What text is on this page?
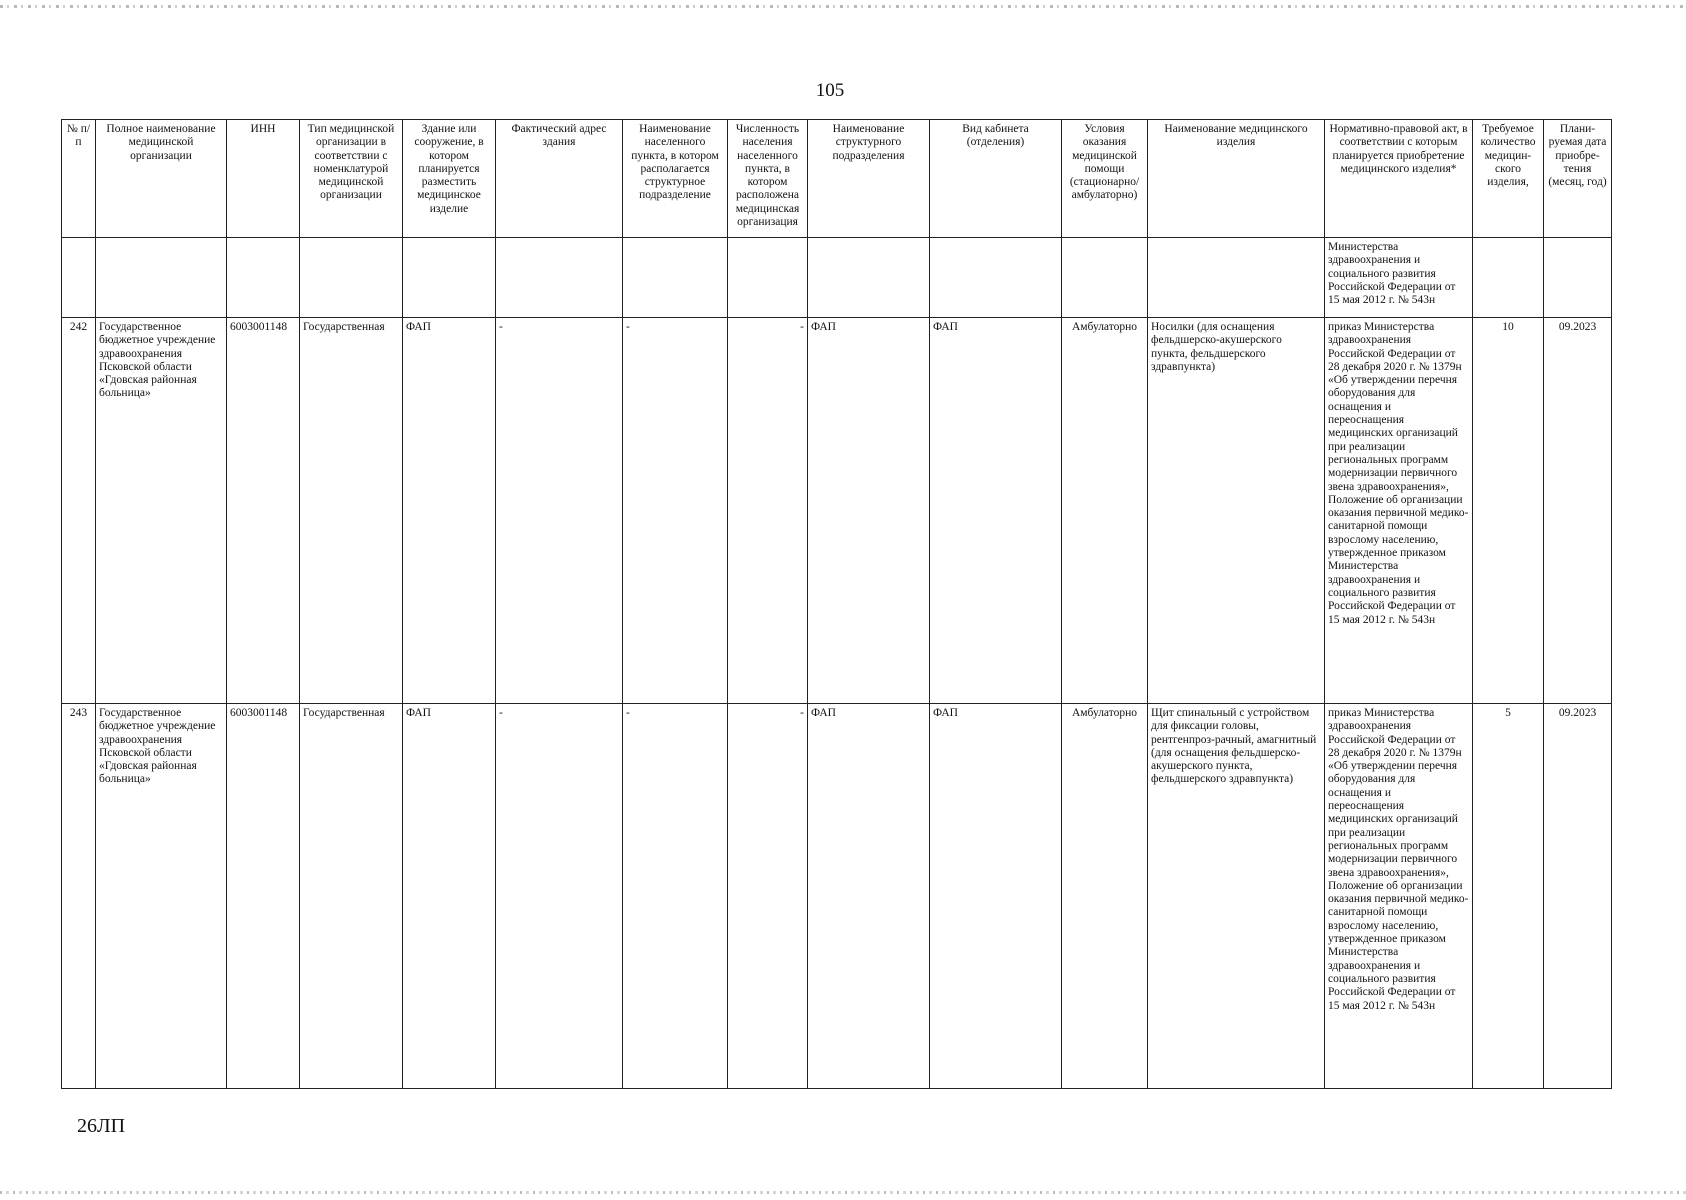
105
№ п/п	Полное наименование медицинской организации	ИНН	Тип медицинской организации в соответствии с номенклатурой медицинской организации	Здание или сооружение, в котором планируется разместить медицинское изделие	Фактический адрес здания	Наименование населенного пункта, в котором располагается структурное подразделение	Численность населения населенного пункта, в котором расположена медицинская организация	Наименование структурного подразделения	Вид кабинета (отделения)	Условия оказания медицинской помощи (стационарно/ амбулаторно)	Наименование медицинского изделия	Нормативно-правовой акт, в соответствии с которым планируется приобретение медицинского изделия*	Требуемое количество медицин-ского изделия,	Плани-руемая дата приобре-тения (месяц, год)
												Министерства здравоохранения и социального развития Российской Федерации от 15 мая 2012 г. № 543н		
242	Государственное бюджетное учреждение здравоохранения Псковской области «Гдовская районная больница»	6003001148	Государственная	ФАП	-	-	-	ФАП	ФАП	Амбулаторно	Носилки (для оснащения фельдшерско-акушерского пункта, фельдшерского здравпункта)	приказ Министерства здравоохранения Российской Федерации от 28 декабря 2020 г. № 1379н «Об утверждении перечня оборудования для оснащения и переоснащения медицинских организаций при реализации региональных программ модернизации первичного звена здравоохранения», Положение об организации оказания первичной медико-санитарной помощи взрослому населению, утвержденное приказом Министерства здравоохранения и социального развития Российской Федерации от 15 мая 2012 г. № 543н	10	09.2023
243	Государственное бюджетное учреждение здравоохранения Псковской области «Гдовская районная больница»	6003001148	Государственная	ФАП	-	-	-	ФАП	ФАП	Амбулаторно	Щит спинальный с устройством для фиксации головы, рентгенпроз-рачный, амагнитный (для оснащения фельдшерско-акушерского пункта, фельдшерского здравпункта)	приказ Министерства здравоохранения Российской Федерации от 28 декабря 2020 г. № 1379н «Об утверждении перечня оборудования для оснащения и переоснащения медицинских организаций при реализации региональных программ модернизации первичного звена здравоохранения», Положение об организации оказания первичной медико-санитарной помощи взрослому населению, утвержденное приказом Министерства здравоохранения и социального развития Российской Федерации от 15 мая 2012 г. № 543н	5	09.2023
26ЛП
